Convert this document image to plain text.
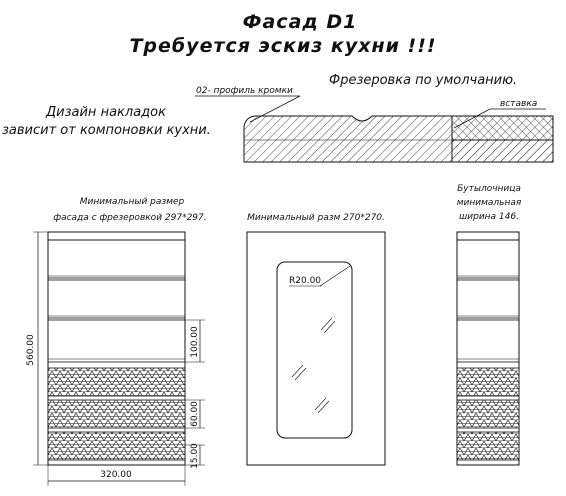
Фасад D1
Требуется эскиз кухни !!!
Фрезеровка по умолчанию.
Дизайн накладок
зависит от компоновки кухни.
02- профиль кромки
вставка
Минимальный размер
фасада с фрезеровкой 297*297.
560.00
320.00
100.00
60.00
15.00
Минимальный разм 270*270.
R20.00
Бутылочница
минимальная
ширина 146.
